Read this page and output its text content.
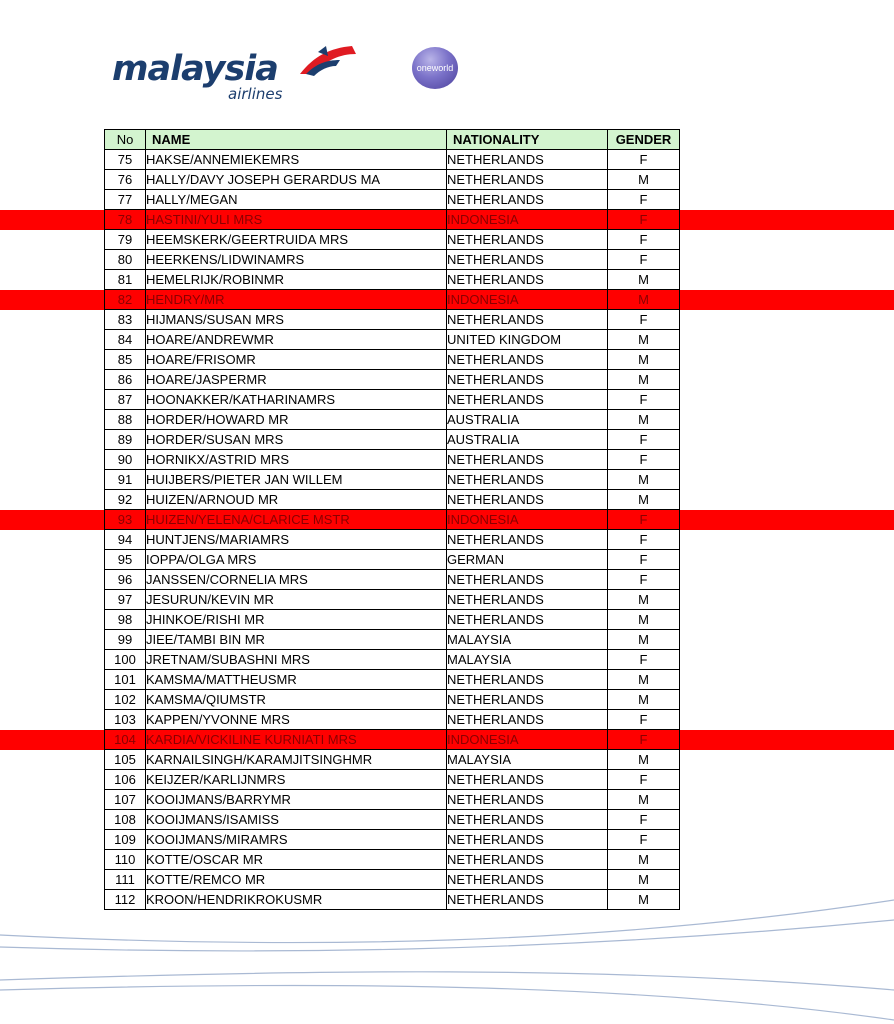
malaysia
airlines
oneworld
No	NAME	NATIONALITY	GENDER
75	HAKSE/ANNEMIEKEMRS	NETHERLANDS	F
76	HALLY/DAVY JOSEPH GERARDUS MA	NETHERLANDS	M
77	HALLY/MEGAN	NETHERLANDS	F
78	HASTINI/YULI MRS	INDONESIA	F
79	HEEMSKERK/GEERTRUIDA MRS	NETHERLANDS	F
80	HEERKENS/LIDWINAMRS	NETHERLANDS	F
81	HEMELRIJK/ROBINMR	NETHERLANDS	M
82	HENDRY/MR	INDONESIA	M
83	HIJMANS/SUSAN MRS	NETHERLANDS	F
84	HOARE/ANDREWMR	UNITED KINGDOM	M
85	HOARE/FRISOMR	NETHERLANDS	M
86	HOARE/JASPERMR	NETHERLANDS	M
87	HOONAKKER/KATHARINAMRS	NETHERLANDS	F
88	HORDER/HOWARD MR	AUSTRALIA	M
89	HORDER/SUSAN MRS	AUSTRALIA	F
90	HORNIKX/ASTRID MRS	NETHERLANDS	F
91	HUIJBERS/PIETER JAN WILLEM	NETHERLANDS	M
92	HUIZEN/ARNOUD MR	NETHERLANDS	M
93	HUIZEN/YELENA/CLARICE MSTR	INDONESIA	F
94	HUNTJENS/MARIAMRS	NETHERLANDS	F
95	IOPPA/OLGA MRS	GERMAN	F
96	JANSSEN/CORNELIA MRS	NETHERLANDS	F
97	JESURUN/KEVIN MR	NETHERLANDS	M
98	JHINKOE/RISHI MR	NETHERLANDS	M
99	JIEE/TAMBI BIN MR	MALAYSIA	M
100	JRETNAM/SUBASHNI MRS	MALAYSIA	F
101	KAMSMA/MATTHEUSMR	NETHERLANDS	M
102	KAMSMA/QIUMSTR	NETHERLANDS	M
103	KAPPEN/YVONNE MRS	NETHERLANDS	F
104	KARDIA/VICKILINE KURNIATI MRS	INDONESIA	F
105	KARNAILSINGH/KARAMJITSINGHMR	MALAYSIA	M
106	KEIJZER/KARLIJNMRS	NETHERLANDS	F
107	KOOIJMANS/BARRYMR	NETHERLANDS	M
108	KOOIJMANS/ISAMISS	NETHERLANDS	F
109	KOOIJMANS/MIRAMRS	NETHERLANDS	F
110	KOTTE/OSCAR MR	NETHERLANDS	M
111	KOTTE/REMCO MR	NETHERLANDS	M
112	KROON/HENDRIKROKUSMR	NETHERLANDS	M
